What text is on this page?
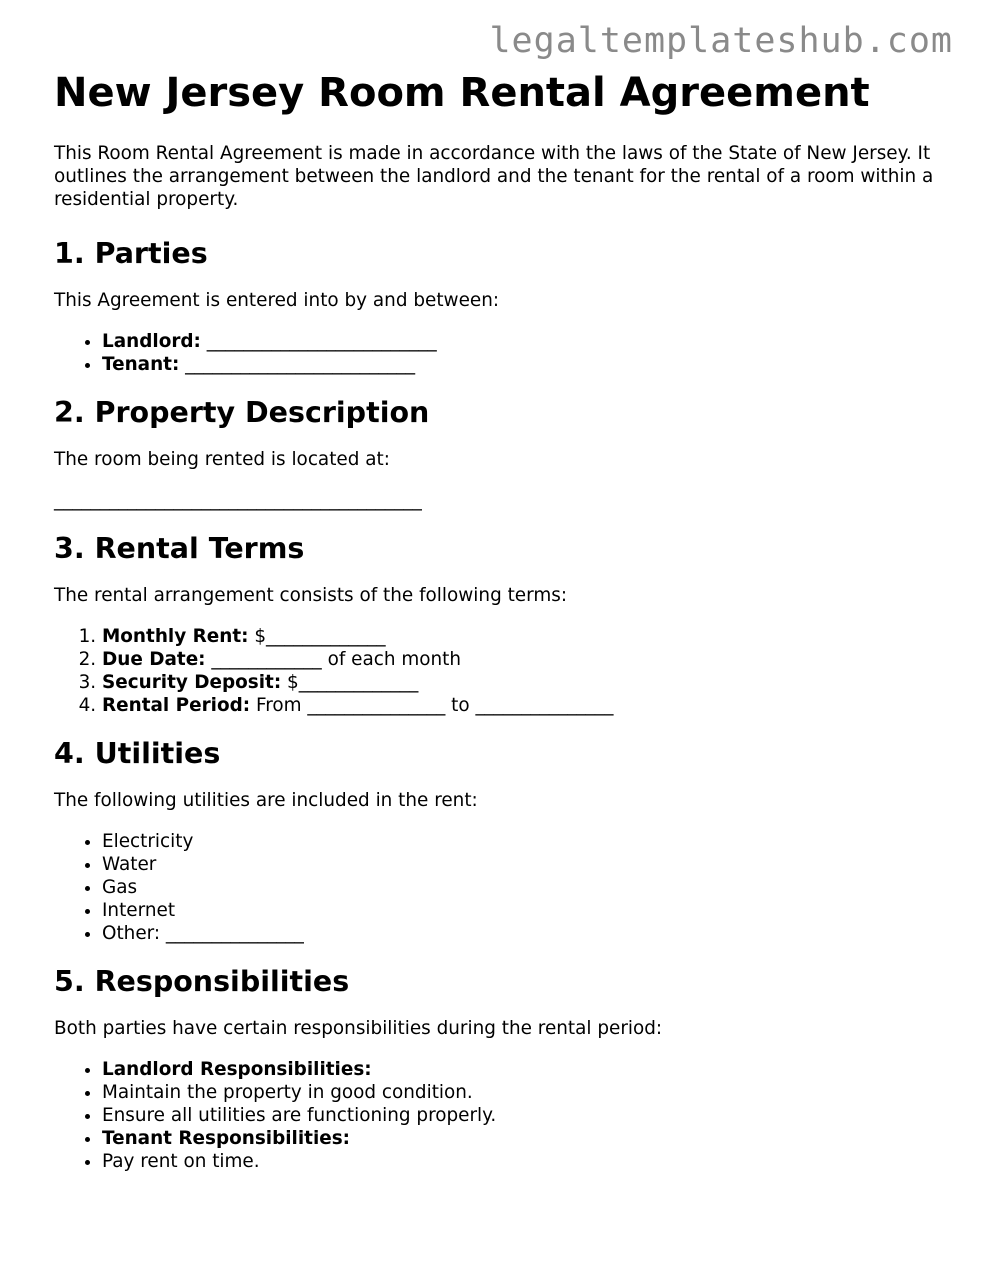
legaltemplateshub.com

New Jersey Room Rental Agreement

This Room Rental Agreement is made in accordance with the laws of the State of New Jersey. It outlines the arrangement between the landlord and the tenant for the rental of a room within a residential property.

1. Parties

This Agreement is entered into by and between:

• Landlord: _________________________
• Tenant: _________________________
2. Property Description

The room being rented is located at:

________________________________________

3. Rental Terms

The rental arrangement consists of the following terms:

1. Monthly Rent: $_____________
2. Due Date: ____________ of each month
3. Security Deposit: $_____________
4. Rental Period: From _______________ to _______________
4. Utilities

The following utilities are included in the rent:

• Electricity
• Water
• Gas
• Internet
• Other: _______________
5. Responsibilities

Both parties have certain responsibilities during the rental period:

• Landlord Responsibilities:
• Maintain the property in good condition.
• Ensure all utilities are functioning properly.
• Tenant Responsibilities:
• Pay rent on time.
